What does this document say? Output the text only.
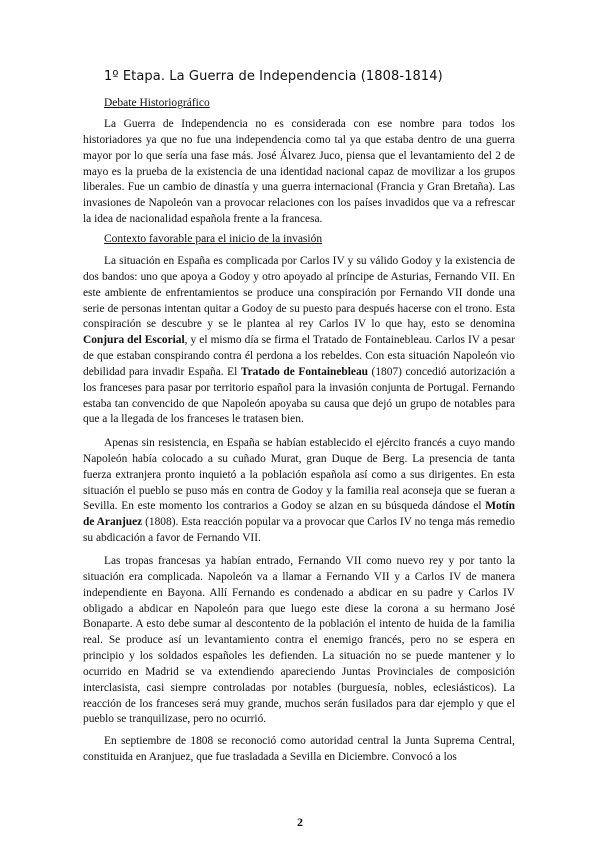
1º Etapa. La Guerra de Independencia (1808-1814)
Debate Historiográfico

La Guerra de Independencia no es considerada con ese nombre para todos los historiadores ya que no fue una independencia como tal ya que estaba dentro de una guerra mayor por lo que sería una fase más. José Álvarez Juco, piensa que el levantamiento del 2 de mayo es la prueba de la existencia de una identidad nacional capaz de movilizar a los grupos liberales. Fue un cambio de dinastía y una guerra internacional (Francia y Gran Bretaña). Las invasiones de Napoleón van a provocar relaciones con los países invadidos que va a refrescar la idea de nacionalidad española frente a la francesa.

Contexto favorable para el inicio de la invasión

La situación en España es complicada por Carlos IV y su válido Godoy y la existencia de dos bandos: uno que apoya a Godoy y otro apoyado al príncipe de Asturias, Fernando VII. En este ambiente de enfrentamientos se produce una conspiración por Fernando VII donde una serie de personas intentan quitar a Godoy de su puesto para después hacerse con el trono. Esta conspiración se descubre y se le plantea al rey Carlos IV lo que hay, esto se denomina Conjura del Escorial, y el mismo día se firma el Tratado de Fontainebleau. Carlos IV a pesar de que estaban conspirando contra él perdona a los rebeldes. Con esta situación Napoleón vio debilidad para invadir España. El Tratado de Fontainebleau (1807) concedió autorización a los franceses para pasar por territorio español para la invasión conjunta de Portugal. Fernando estaba tan convencido de que Napoleón apoyaba su causa que dejó un grupo de notables para que a la llegada de los franceses le tratasen bien.

Apenas sin resistencia, en España se habían establecido el ejército francés a cuyo mando Napoleón había colocado a su cuñado Murat, gran Duque de Berg. La presencia de tanta fuerza extranjera pronto inquietó a la población española así como a sus dirigentes. En esta situación el pueblo se puso más en contra de Godoy y la familia real aconseja que se fueran a Sevilla. En este momento los contrarios a Godoy se alzan en su búsqueda dándose el Motín de Aranjuez (1808). Esta reacción popular va a provocar que Carlos IV no tenga más remedio su abdicación a favor de Fernando VII.

Las tropas francesas ya habían entrado, Fernando VII como nuevo rey y por tanto la situación era complicada. Napoleón va a llamar a Fernando VII y a Carlos IV de manera independiente en Bayona. Allí Fernando es condenado a abdicar en su padre y Carlos IV obligado a abdicar en Napoleón para que luego este diese la corona a su hermano José Bonaparte. A esto debe sumar al descontento de la población el intento de huida de la familia real. Se produce así un levantamiento contra el enemigo francés, pero no se espera en principio y los soldados españoles les defienden. La situación no se puede mantener y lo ocurrido en Madrid se va extendiendo apareciendo Juntas Provinciales de composición interclasista, casi siempre controladas por notables (burguesía, nobles, eclesiásticos). La reacción de los franceses será muy grande, muchos serán fusilados para dar ejemplo y que el pueblo se tranquilizase, pero no ocurrió.

En septiembre de 1808 se reconoció como autoridad central la Junta Suprema Central, constituida en Aranjuez, que fue trasladada a Sevilla en Diciembre. Convocó a los

2
